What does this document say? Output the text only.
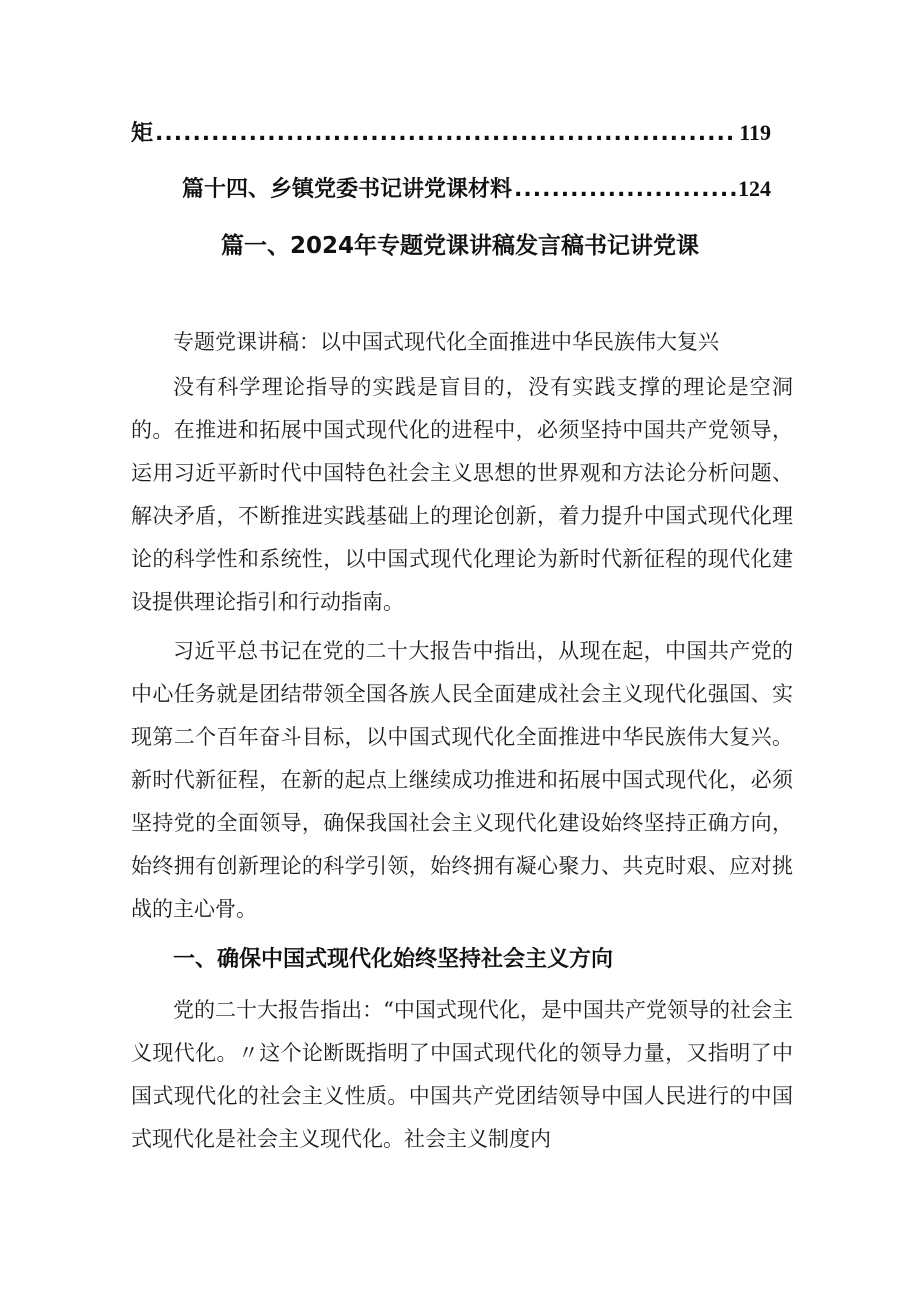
矩 .....	119
篇十四、乡镇党委书记讲党课材料 .....	124
篇一、2024年专题党课讲稿发言稿书记讲党课

专题党课讲稿：以中国式现代化全面推进中华民族伟大复兴

没有科学理论指导的实践是盲目的，没有实践支撑的理论是空洞的。在推进和拓展中国式现代化的进程中，必须坚持中国共产党领导，运用习近平新时代中国特色社会主义思想的世界观和方法论分析问题、解决矛盾，不断推进实践基础上的理论创新，着力提升中国式现代化理论的科学性和系统性，以中国式现代化理论为新时代新征程的现代化建设提供理论指引和行动指南。

习近平总书记在党的二十大报告中指出，从现在起，中国共产党的中心任务就是团结带领全国各族人民全面建成社会主义现代化强国、实现第二个百年奋斗目标，以中国式现代化全面推进中华民族伟大复兴。新时代新征程，在新的起点上继续成功推进和拓展中国式现代化，必须坚持党的全面领导，确保我国社会主义现代化建设始终坚持正确方向，始终拥有创新理论的科学引领，始终拥有凝心聚力、共克时艰、应对挑战的主心骨。

一、确保中国式现代化始终坚持社会主义方向

党的二十大报告指出：“中国式现代化，是中国共产党领导的社会主义现代化。〃这个论断既指明了中国式现代化的领导力量，又指明了中国式现代化的社会主义性质。中国共产党团结领导中国人民进行的中国式现代化是社会主义现代化。社会主义制度内
